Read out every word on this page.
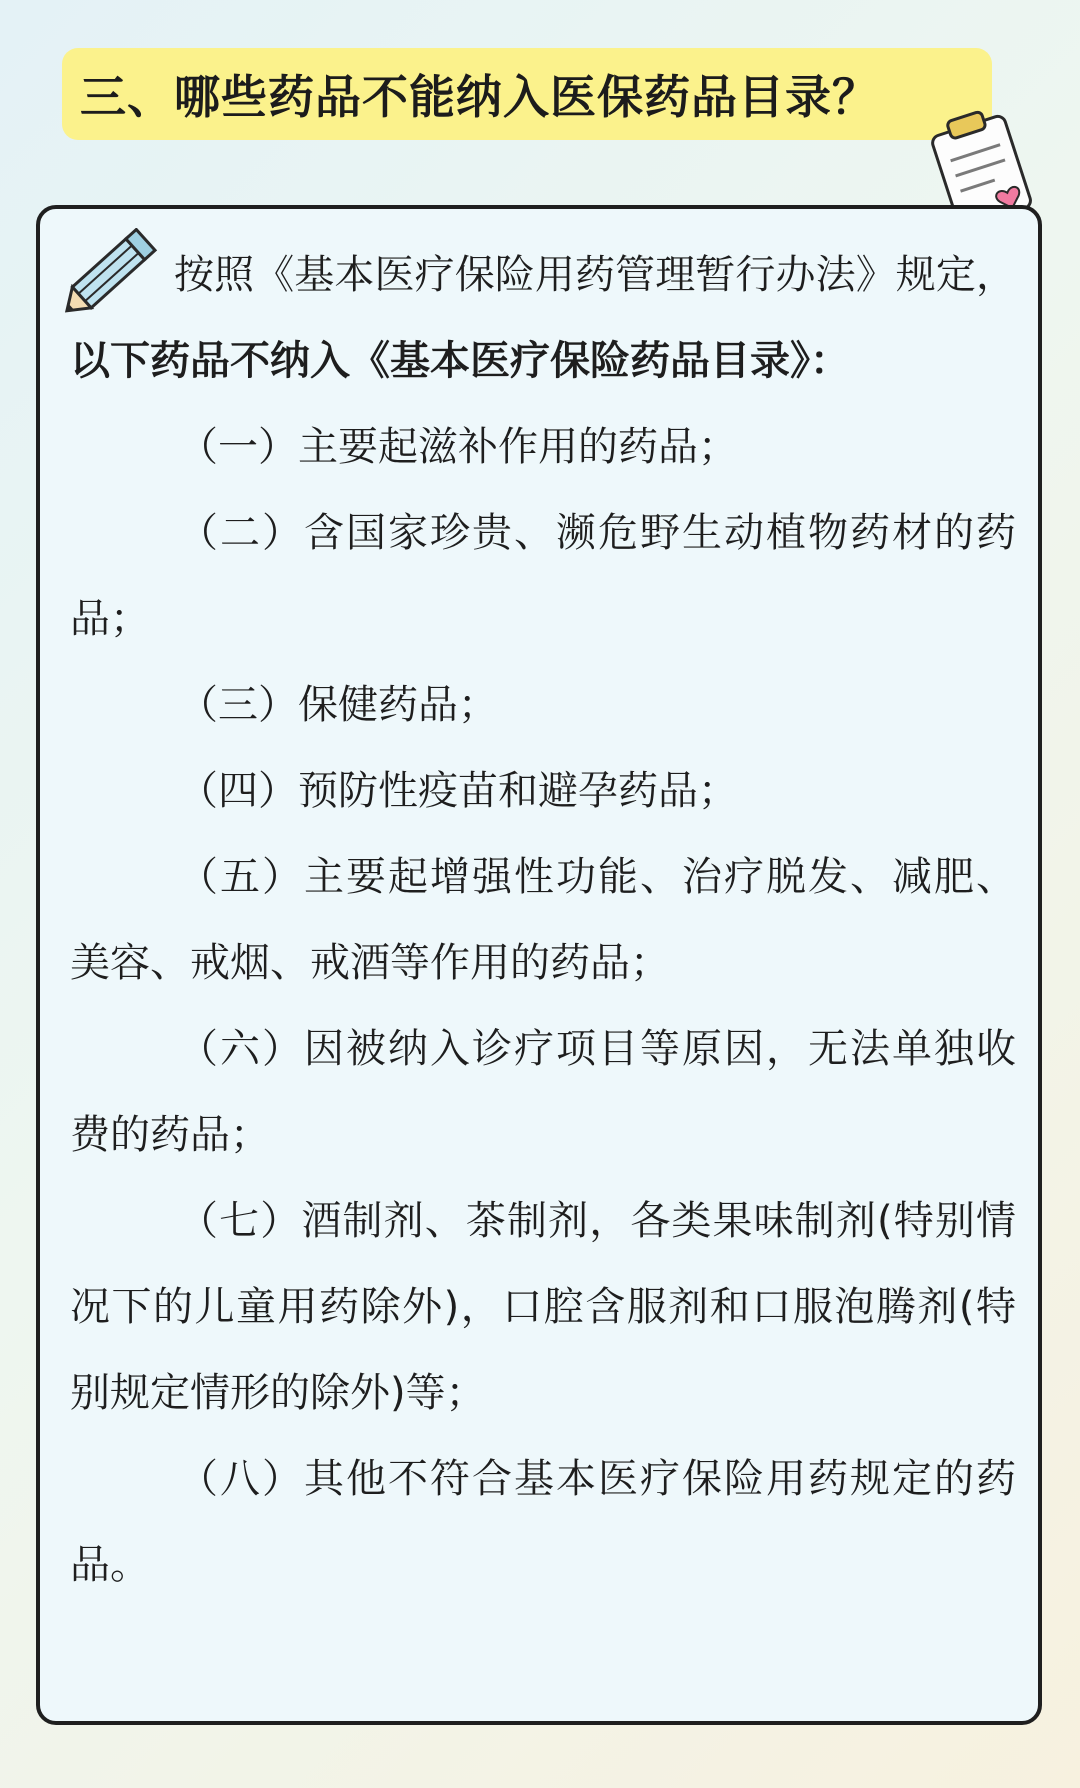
三、哪些药品不能纳入医保药品目录？

按照《基本医疗保险用药管理暂行办法》规定，以下药品不纳入《基本医疗保险药品目录》：

（一）主要起滋补作用的药品；

（二）含国家珍贵、濒危野生动植物药材的药品；

（三）保健药品；

（四）预防性疫苗和避孕药品；

（五）主要起增强性功能、治疗脱发、减肥、美容、戒烟、戒酒等作用的药品；

（六）因被纳入诊疗项目等原因，无法单独收费的药品；

（七）酒制剂、茶制剂，各类果味制剂(特别情况下的儿童用药除外)，口腔含服剂和口服泡腾剂(特别规定情形的除外)等；

（八）其他不符合基本医疗保险用药规定的药品。
